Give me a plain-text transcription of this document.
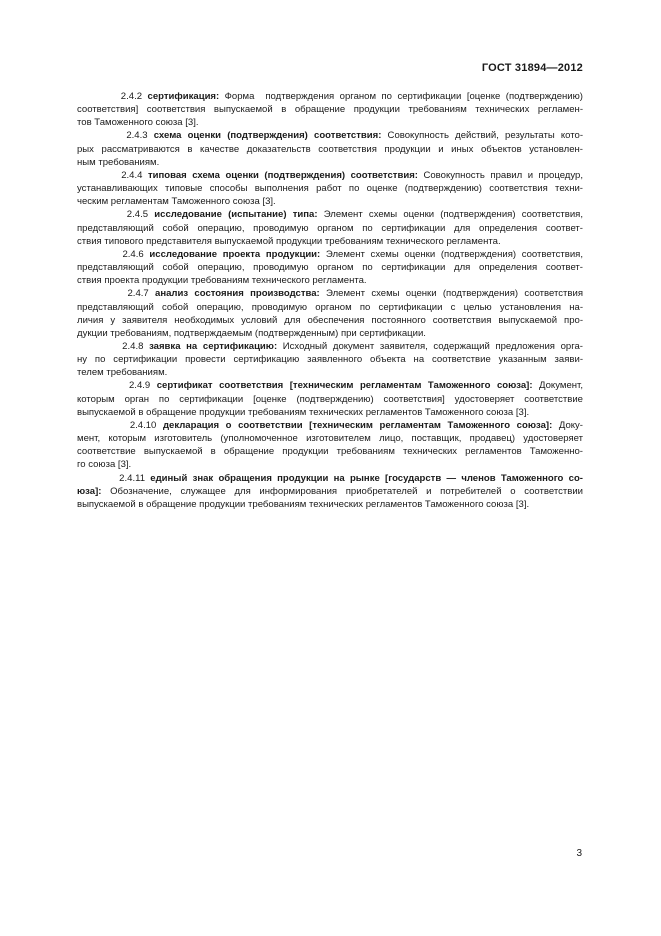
ГОСТ 31894—2012
2.4.2 сертификация: Форма  подтверждения органом по сертификации [оценке (подтверждению)
соответствия] соответствия выпускаемой в обращение продукции требованиям технических регламен-
тов Таможенного союза [3].
2.4.3 схема оценки (подтверждения) соответствия: Совокупность действий, результаты кото-
рых рассматриваются в качестве доказательств соответствия продукции и иных объектов установлен-
ным требованиям.
2.4.4 типовая схема оценки (подтверждения) соответствия: Совокупность правил и процедур,
устанавливающих типовые способы выполнения работ по оценке (подтверждению) соответствия техни-
ческим регламентам Таможенного союза [3].
2.4.5 исследование (испытание) типа: Элемент схемы оценки (подтверждения) соответствия,
представляющий собой операцию, проводимую органом по сертификации для определения соответ-
ствия типового представителя выпускаемой продукции требованиям технического регламента.
2.4.6 исследование проекта продукции: Элемент схемы оценки (подтверждения) соответствия,
представляющий собой операцию, проводимую органом по сертификации для определения соответ-
ствия проекта продукции требованиям технического регламента.
2.4.7 анализ состояния производства: Элемент схемы оценки (подтверждения) соответствия
представляющий собой операцию, проводимую органом по сертификации с целью установления на-
личия у заявителя необходимых условий для обеспечения постоянного соответствия выпускаемой про-
дукции требованиям, подтверждаемым (подтвержденным) при сертификации.
2.4.8 заявка на сертификацию: Исходный документ заявителя, содержащий предложения орга-
ну по сертификации провести сертификацию заявленного объекта на соответствие указанным заяви-
телем требованиям.
2.4.9 сертификат соответствия [техническим регламентам Таможенного союза]: Документ,
которым орган по сертификации [оценке (подтверждению) соответствия] удостоверяет соответствие
выпускаемой в обращение продукции требованиям технических регламентов Таможенного союза [3].
2.4.10 декларация о соответствии [техническим регламентам Таможенного союза]: Доку-
мент, которым изготовитель (уполномоченное изготовителем лицо, поставщик, продавец) удостоверяет
соответствие выпускаемой в обращение продукции требованиям технических регламентов Таможенно-
го союза [3].
2.4.11 единый знак обращения продукции на рынке [государств — членов Таможенного со-
юза]: Обозначение, служащее для информирования приобретателей и потребителей о соответствии
выпускаемой в обращение продукции требованиям технических регламентов Таможенного союза [3].
3
